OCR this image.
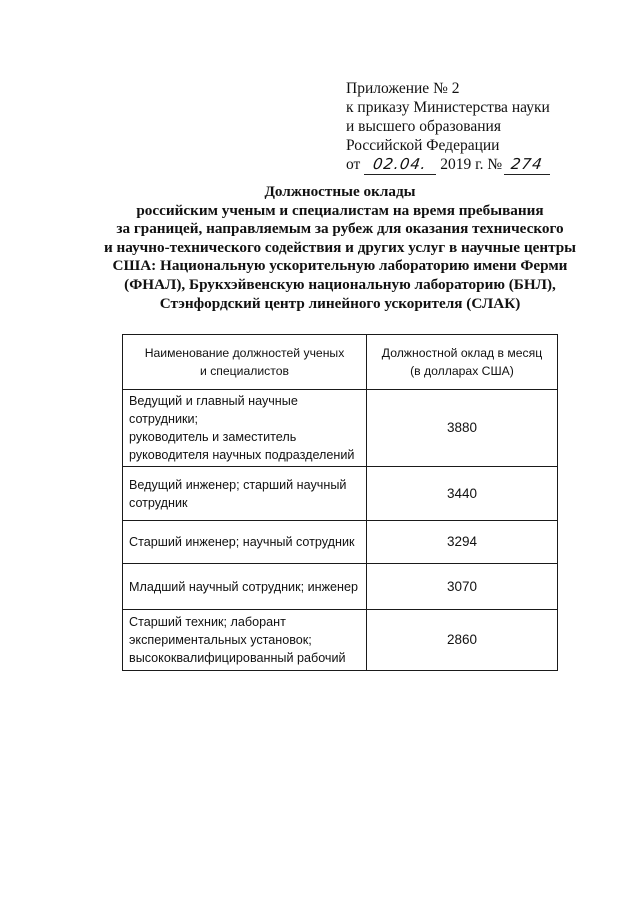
Приложение № 2
к приказу Министерства науки
и высшего образования
Российской Федерации
от 02.04. 2019 г. № 274
Должностные оклады
российским ученым и специалистам на время пребывания
за границей, направляемым за рубеж для оказания технического
и научно-технического содействия и других услуг в научные центры
США: Национальную ускорительную лабораторию имени Ферми
(ФНАЛ), Брукхэйвенскую национальную лабораторию (БНЛ),
Стэнфордский центр линейного ускорителя (СЛАК)
Наименование должностей ученых
и специалистов
Должностной оклад в месяц
(в долларах США)
Ведущий и главный научные сотрудники;
руководитель и заместитель
руководителя научных подразделений
3880
Ведущий инженер; старший научный
сотрудник
3440
Старший инженер; научный сотрудник	3294
Младший научный сотрудник; инженер	3070
Старший техник; лаборант
экспериментальных установок;
высококвалифицированный рабочий
2860
